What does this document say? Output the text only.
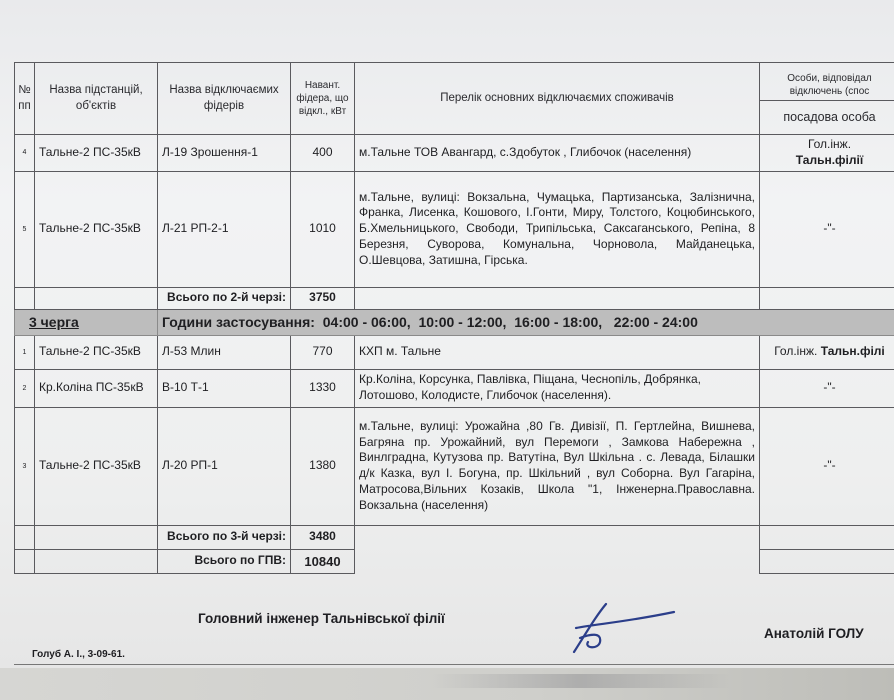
№ пп	Назва підстанцій, об'єктів	Назва відключаємих фідерів	Навант. фідера, що відкл., кВт	Перелік основних відключаємих споживачів	Особи, відповідал відключень (спос
					посадова особа
4	Тальне-2 ПС-35кВ	Л-19 Зрошення-1	400	м.Тальне ТОВ Авангард, с.Здобуток , Глибочок (населення)	Гол.інж.
Тальн.філії

5	Тальне-2 ПС-35кВ	Л-21 РП-2-1	1010	м.Тальне, вулиці: Вокзальна, Чумацька, Партизанська, Залізнична, Франка, Лисенка, Кошового, І.Гонти, Миру, Толстого, Коцюбинського, Б.Хмельницького, Свободи, Трипільська, Саксаганського, Репіна, 8 Березня, Суворова, Комунальна, Чорновола, Майданецька, О.Шевцова, Затишна, Гірська.	-"-
		Всього по 2-й черзі:	3750		
3 черга		Години застосування: 04:00 - 06:00,  10:00 - 12:00,  16:00 - 18:00,   22:00 - 24:00			
1	Тальне-2 ПС-35кВ	Л-53 Млин	770	КХП м. Тальне	Гол.інж. Тальн.філі
2	Кр.Коліна ПС-35кВ	В-10 Т-1	1330	Кр.Коліна, Корсунка, Павлівка, Піщана, Чеснопіль, Добрянка, Лотошово, Колодисте, Глибочок (населення).	-"-
3	Тальне-2 ПС-35кВ	Л-20 РП-1	1380	м.Тальне, вулиці: Урожайна ,80 Гв. Дивізії, П. Гертлейна, Вишнева, Багряна пр. Урожайний, вул Перемоги , Замкова Набережна , Винлградна, Кутузова пр. Ватутіна, Вул Шкільна . с. Левада, Білашки д/к Казка, вул І. Богуна, пр. Шкільний , вул Соборна. Вул Гагаріна, Матросова,Вільних Козаків, Школа "1, Інженерна.Православна. Вокзальна (населення)	-"-
		Всього по 3-й черзі:	3480		
		Всього по ГПВ:	10840		
Головний інженер Тальнівської філії
Анатолій ГОЛУ
Голуб А. І., 3-09-61.
